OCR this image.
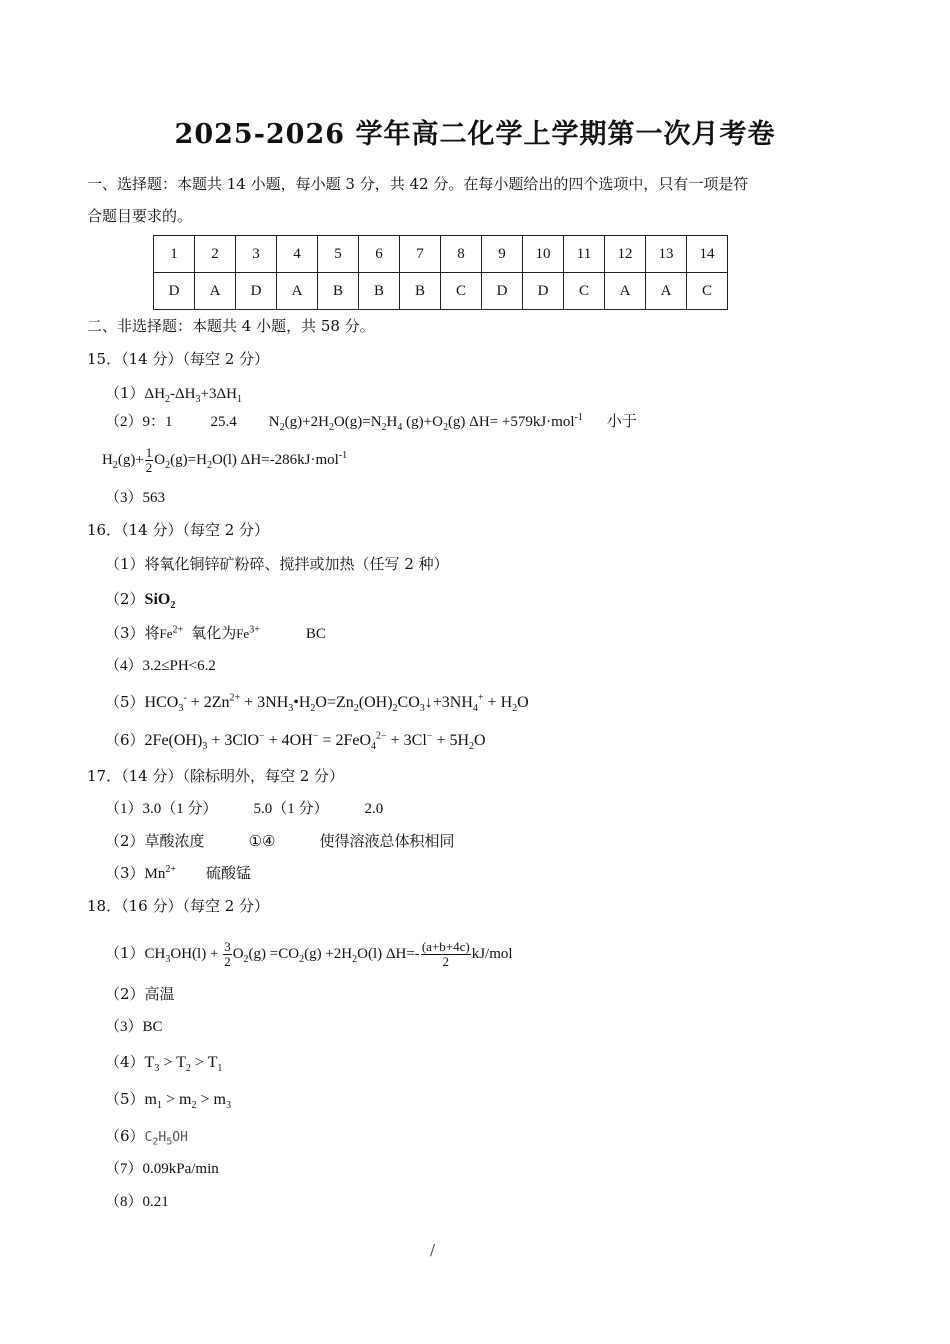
2025-2026 学年高二化学上学期第一次月考卷
一、选择题：本题共 14 小题，每小题 3 分，共 42 分。在每小题给出的四个选项中，只有一项是符
合题目要求的。
1	2	3	4	5	6	7	8	9	10	11	12	13	14
D	A	D	A	B	B	B	C	D	D	C	A	A	C
二、非选择题：本题共 4 小题，共 58 分。
15．（14 分）（每空 2 分）
$(1)\Delta H_2-\Delta H_3+3\Delta H_1$
（2）9：1	25.4 $N_2(g)+2H_2O(g)=N_2H_4$ $(g)+O_2(g)$ ΔH= +579kJ·mol$^{-1}$ 小于
$H_2(g)+ \frac{1}{2} O_2(g)=H_2O(l)$ ΔH=-286kJ·mol$^{-1}$
（3）563
16．（14 分）（每空 2 分）
（1）将氧化铜锌矿粉碎、搅拌或加热（任写 2 种）
（2）SiO$_2$
（3）将$Fe^{2+}$ 氧化为$Fe^{3+}$	BC
（4）3.2≤PH<6.2
$(5)HCO_3^- + 2Zn^{2+}$ + $3NH_3•H_2O=Zn_2(OH)_2CO_3↓+3NH_4^+ + H_2O$
$(6)2Fe(OH)_3 + 3ClO^- + 4OH^- = 2FeO_4^{2-} + 3Cl^- + 5H_2O$
17．（14 分）（除标明外，每空 2 分）
（1）3.0（1 分） 5.0（1 分） 2.0
（2）草酸浓度	①④	使得溶液总体积相同
$(3)Mn^{2+}$ 硫酸锰
18．（16 分）（每空 2 分）
$(1)CH_3OH(l) + \frac{3}{2} O_2(g) =CO_2(g) +2H_2O(l)$ $\Delta H=- \frac{(a+b+4c)}{2} kJ/mol$
（2）高温
（3）BC
$(4)T_3 > T_2 > T_1$
$(5)m_1 > m_2 > m_3$
$(6)C_2H_5OH$
（7）0.09kPa/min
（8）0.21
/
